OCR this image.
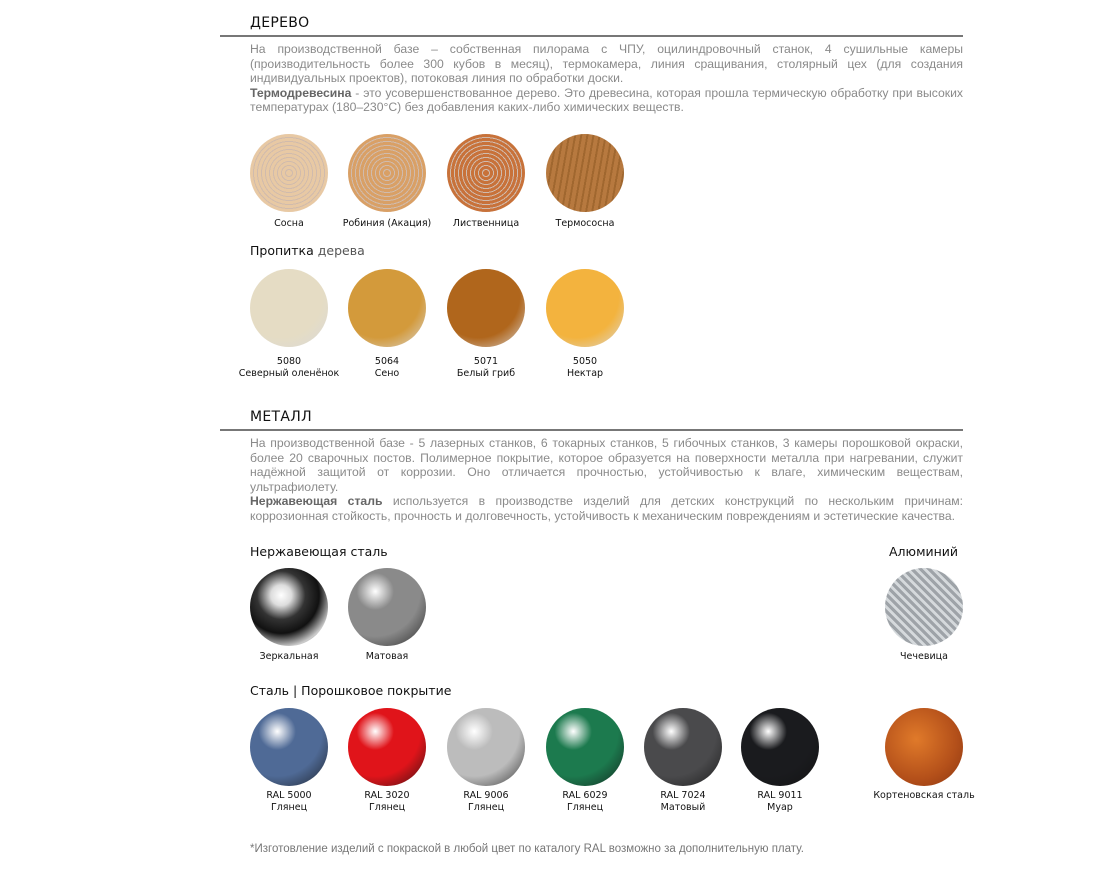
ДЕРЕВО
На производственной базе – собственная пилорама с ЧПУ, оцилиндровочный станок, 4 сушильные камеры (производительность более 300 кубов в месяц), термокамера, линия сращивания, столярный цех (для создания индивидуальных проектов), потоковая линия по обработки доски.
Термодревесина - это усовершенствованное дерево. Это древесина, которая прошла термическую обработку при высоких температурах (180–230°C) без добавления каких-либо химических веществ.
Пропитка дерева
МЕТАЛЛ
На производственной базе - 5 лазерных станков, 6 токарных станков, 5 гибочных станков, 3 камеры порошковой окраски, более 20 сварочных постов. Полимерное покрытие, которое образуется на поверхности металла при нагревании, служит надёжной защитой от коррозии. Оно отличается прочностью, устойчивостью к влаге, химическим веществам, ультрафиолету.
Нержавеющая сталь используется в производстве изделий для детских конструкций по нескольким причинам: коррозионная стойкость, прочность и долговечность, устойчивость к механическим повреждениям и эстетические качества.
Нержавеющая сталь	Алюминий
Сталь | Порошковое покрытие
*Изготовление изделий с покраской в любой цвет по каталогу RAL возможно за дополнительную плату.
Сосна	Робиния (Акация)	Лиственница	Термососна
5080
Северный оленёнок
5064
Сено
5071
Белый гриб
5050
Нектар
Зеркальная	Матовая	Чечевица
RAL 5000
Глянец
RAL 3020
Глянец
RAL 9006
Глянец
RAL 6029
Глянец
RAL 7024
Матовый
RAL 9011
Муар
Кортеновская сталь
